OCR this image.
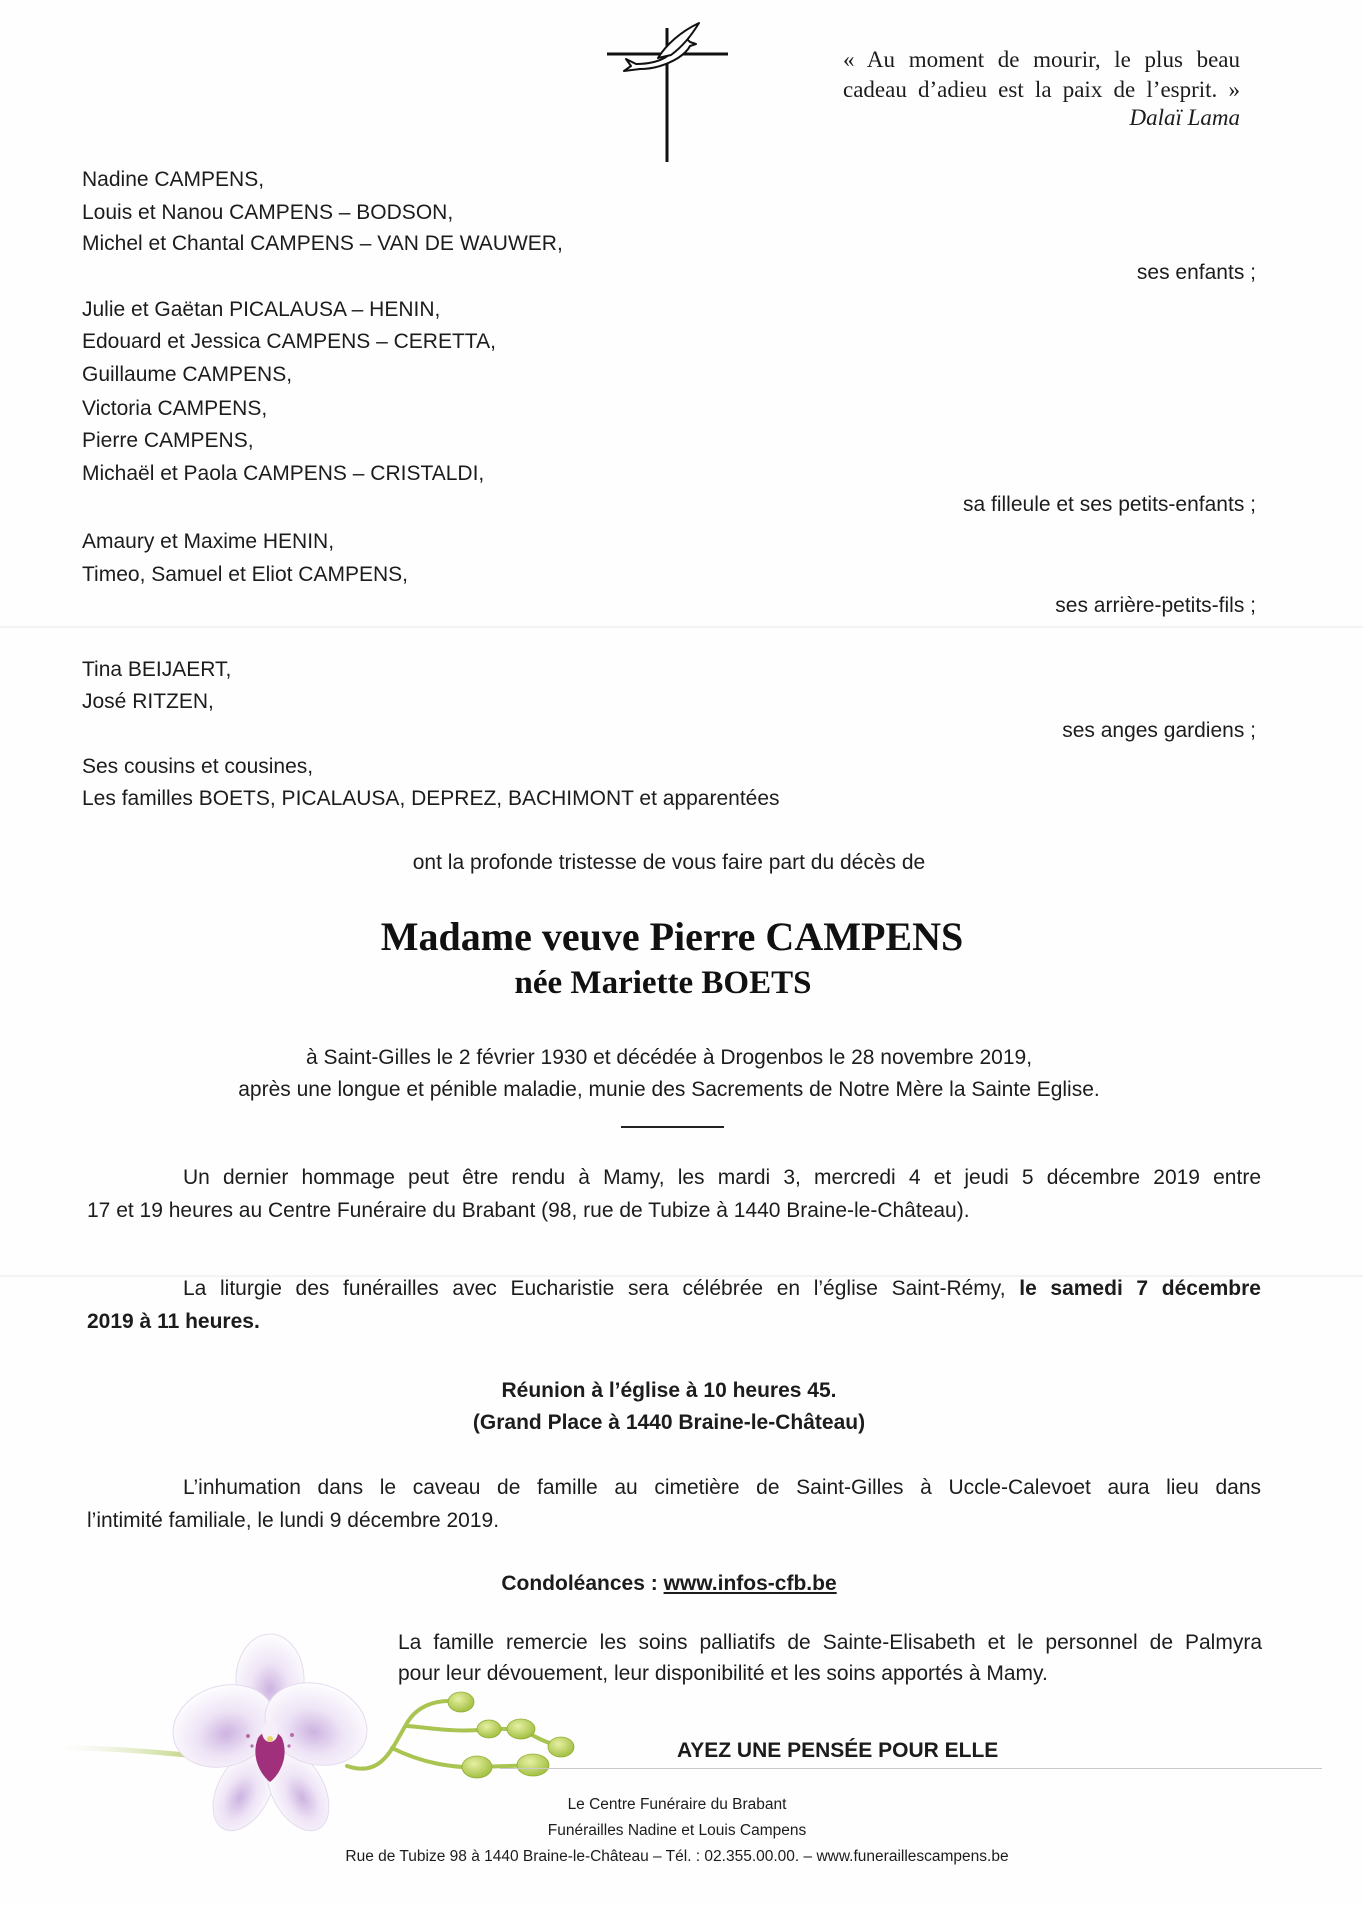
« Au moment de mourir, le plus beau
cadeau d’adieu est la paix de l’esprit. »
Dalaï Lama
Nadine CAMPENS,
Louis et Nanou CAMPENS – BODSON,
Michel et Chantal CAMPENS – VAN DE WAUWER,
ses enfants ;
Julie et Gaëtan PICALAUSA – HENIN,
Edouard et Jessica CAMPENS – CERETTA,
Guillaume CAMPENS,
Victoria CAMPENS,
Pierre CAMPENS,
Michaël et Paola CAMPENS – CRISTALDI,
sa filleule et ses petits-enfants ;
Amaury et Maxime HENIN,
Timeo, Samuel et Eliot CAMPENS,
ses arrière-petits-fils ;
Tina BEIJAERT,
José RITZEN,
ses anges gardiens ;
Ses cousins et cousines,
Les familles BOETS, PICALAUSA, DEPREZ, BACHIMONT et apparentées
ont la profonde tristesse de vous faire part du décès de
Madame veuve Pierre CAMPENS
née Mariette BOETS
à Saint-Gilles le 2 février 1930 et décédée à Drogenbos le 28 novembre 2019,
après une longue et pénible maladie, munie des Sacrements de Notre Mère la Sainte Eglise.
Un dernier hommage peut être rendu à Mamy, les mardi 3, mercredi 4 et jeudi 5 décembre 2019 entre
17 et 19 heures au Centre Funéraire du Brabant (98, rue de Tubize à 1440 Braine-le-Château).
La liturgie des funérailles avec Eucharistie sera célébrée en l’église Saint-Rémy, le samedi 7 décembre
2019 à 11 heures.
Réunion à l’église à 10 heures 45.
(Grand Place à 1440 Braine-le-Château)
L’inhumation dans le caveau de famille au cimetière de Saint-Gilles à Uccle-Calevoet aura lieu dans
l’intimité familiale, le lundi 9 décembre 2019.
Condoléances : www.infos-cfb.be
La famille remercie les soins palliatifs de Sainte-Elisabeth et le personnel de Palmyra
pour leur dévouement, leur disponibilité et les soins apportés à Mamy.
AYEZ UNE PENSÉE POUR ELLE
Le Centre Funéraire du Brabant
Funérailles Nadine et Louis Campens
Rue de Tubize 98 à 1440 Braine-le-Château – Tél. : 02.355.00.00. – www.funeraillescampens.be
